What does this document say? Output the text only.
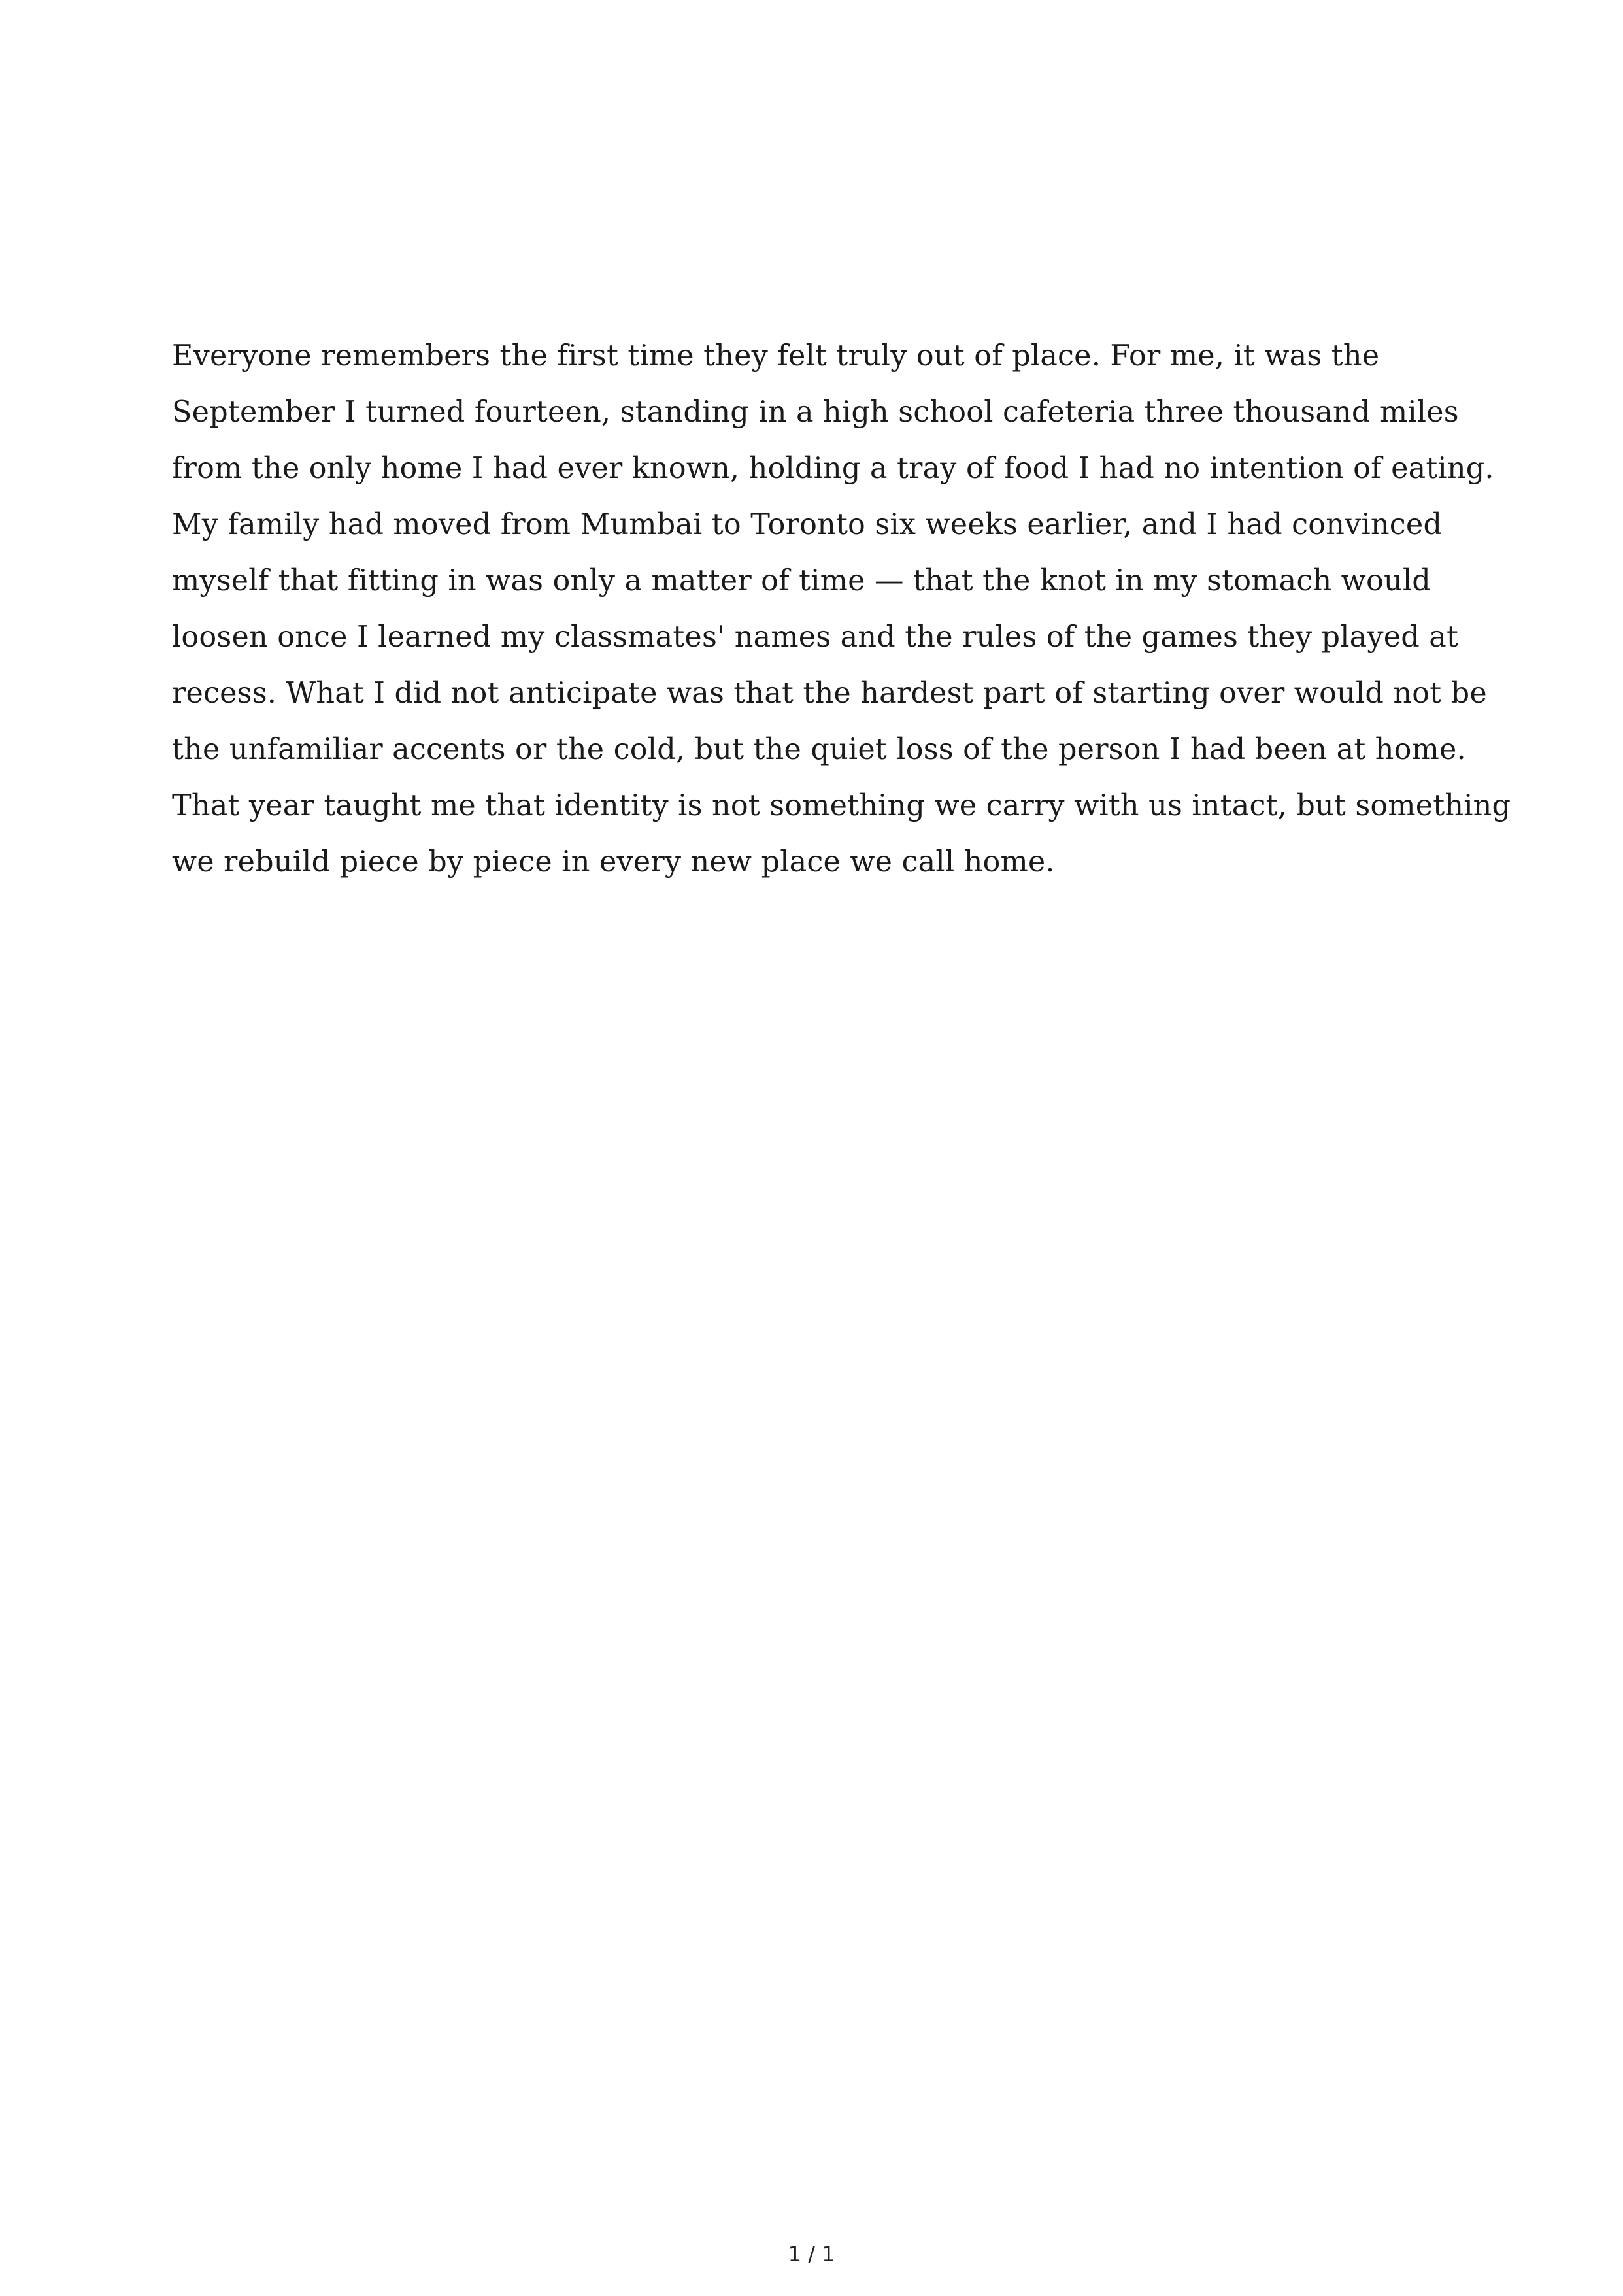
Everyone remembers the first time they felt truly out of place. For me, it was the
September I turned fourteen, standing in a high school cafeteria three thousand miles
from the only home I had ever known, holding a tray of food I had no intention of eating.
My family had moved from Mumbai to Toronto six weeks earlier, and I had convinced
myself that fitting in was only a matter of time — that the knot in my stomach would
loosen once I learned my classmates' names and the rules of the games they played at
recess. What I did not anticipate was that the hardest part of starting over would not be
the unfamiliar accents or the cold, but the quiet loss of the person I had been at home.
That year taught me that identity is not something we carry with us intact, but something
we rebuild piece by piece in every new place we call home.

1 / 1
